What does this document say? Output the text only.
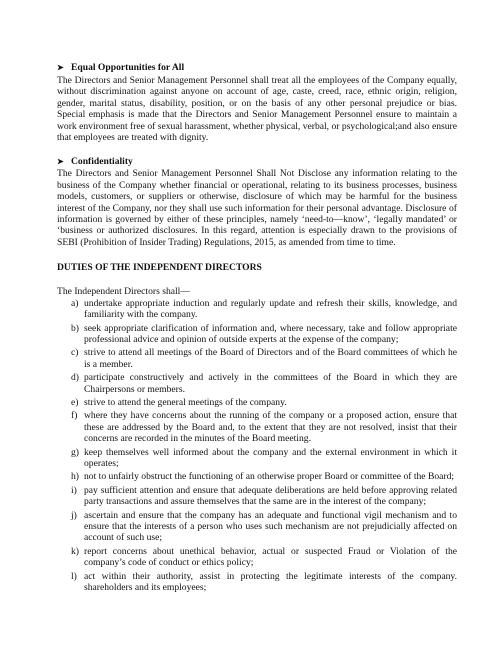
➤ Equal Opportunities for All

The Directors and Senior Management Personnel shall treat all the employees of the Company equally, without discrimination against anyone on account of age, caste, creed, race, ethnic origin, religion, gender, marital status, disability, position, or on the basis of any other personal prejudice or bias. Special emphasis is made that the Directors and Senior Management Personnel ensure to maintain a work environment free of sexual harassment, whether physical, verbal, or psychological;and also ensure that employees are treated with dignity.

➤ Confidentiality

The Directors and Senior Management Personnel Shall Not Disclose any information relating to the business of the Company whether financial or operational, relating to its business processes, business models, customers, or suppliers or otherwise, disclosure of which may be harmful for the business interest of the Company, nor they shall use such information for their personal advantage. Disclosure of information is governed by either of these principles, namely ‘need-to—know’, ‘legally mandated’ or ‘business or authorized disclosures. In this regard, attention is especially drawn to the provisions of SEBI (Prohibition of Insider Trading) Regulations, 2015, as amended from time to time.

DUTIES OF THE INDEPENDENT DIRECTORS

The Independent Directors shall—

a) undertake appropriate induction and regularly update and refresh their skills, knowledge, and familiarity with the company.
b) seek appropriate clarification of information and, where necessary, take and follow appropriate professional advice and opinion of outside experts at the expense of the company;
c) strive to attend all meetings of the Board of Directors and of the Board committees of which he is a member.
d) participate constructively and actively in the committees of the Board in which they are Chairpersons or members.
e) strive to attend the general meetings of the company.
f) where they have concerns about the running of the company or a proposed action, ensure that these are addressed by the Board and, to the extent that they are not resolved, insist that their concerns are recorded in the minutes of the Board meeting.
g) keep themselves well informed about the company and the external environment in which it operates;
h) not to unfairly obstruct the functioning of an otherwise proper Board or committee of the Board;
i) pay sufficient attention and ensure that adequate deliberations are held before approving related party transactions and assure themselves that the same are in the interest of the company;
j) ascertain and ensure that the company has an adequate and functional vigil mechanism and to ensure that the interests of a person who uses such mechanism are not prejudicially affected on account of such use;
k) report concerns about unethical behavior, actual or suspected Fraud or Violation of the company’s code of conduct or ethics policy;
l) act within their authority, assist in protecting the legitimate interests of the company. shareholders and its employees;
